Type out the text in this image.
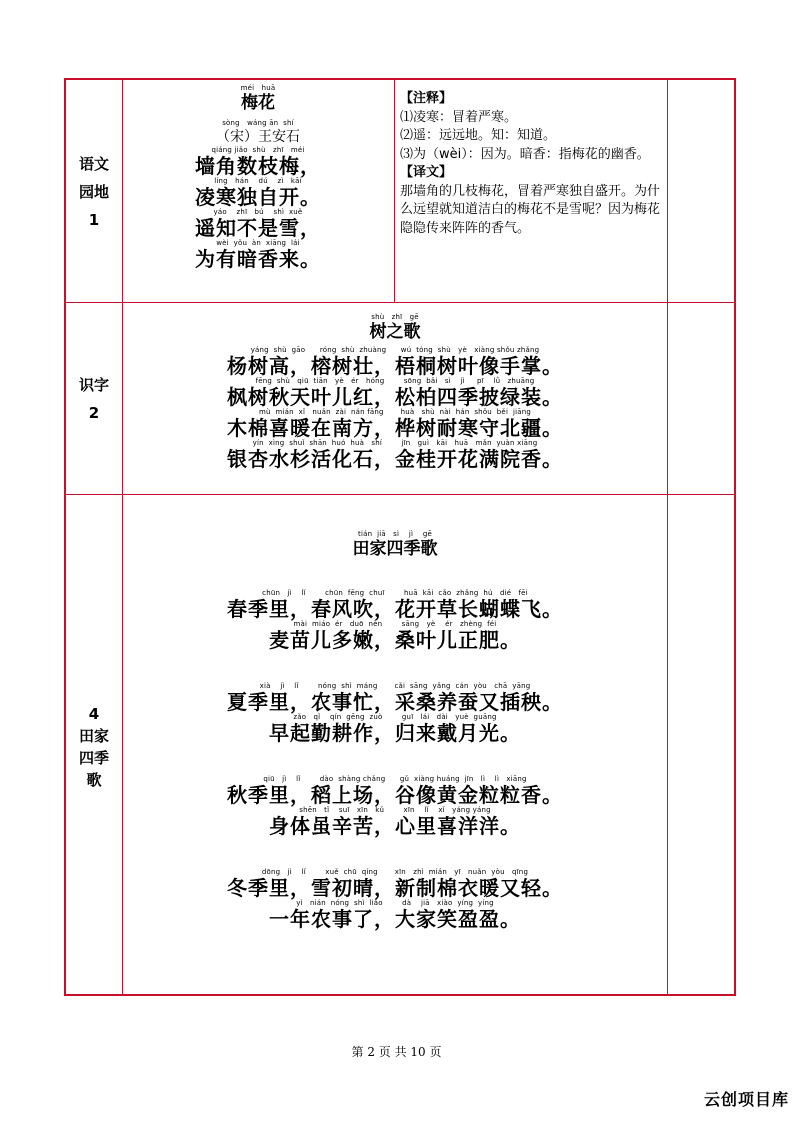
语文
园地
1
méi   huā
梅花
sòng   wáng ān  shí
（宋）王安石
qiáng jiǎo  shù   zhī   méi
墙角数枝梅，
líng   hán    dú    zì   kāi
凌寒独自开。
yáo    zhī   bú    shì  xuě
遥知不是雪，
wèi  yǒu  àn  xiāng  lái
为有暗香来。
【注释】
⑴凌寒：冒着严寒。
⑵遥：远远地。知：知道。
⑶为（wèi）：因为。暗香：指梅花的幽香。
【译文】
那墙角的几枝梅花，冒着严寒独自盛开。为什么远望就知道洁白的梅花不是雪呢？因为梅花隐隐传来阵阵的香气。
识字
2
shù   zhī   gē
树之歌
yáng  shù  gāo      róng  shù  zhuàng      wú  tóng  shù   yè   xiàng shǒu zhǎng
杨树高，榕树壮，梧桐树叶像手掌。
fēng  shù   qiū  tiān   yè   ér   hóng        sōng  bǎi   sì    jì     pī    lǜ   zhuāng
枫树秋天叶儿红，松柏四季披绿装。
mù  mián  xǐ   nuǎn  zài  nán fāng       huà   shù  nài  hán  shǒu  běi  jiāng
木棉喜暖在南方，桦树耐寒守北疆。
yín  xìng  shuǐ  shān  huó  huà   shí        jīn   guì   kāi   huā   mǎn  yuàn xiāng
银杏水杉活化石，金桂开花满院香。
4
田家
四季
歌
tián  jiā   sì    jì    gē
田家四季歌
chūn   jì    lǐ        chūn  fēng  chuī        huā  kāi  cǎo  zhǎng  hú   dié   fēi
春季里，春风吹，花开草长蝴蝶飞。
mài  miáo  ér   duō  nèn        sāng   yè    ér   zhèng  féi
麦苗儿多嫩，桑叶儿正肥。
xià    jì    lǐ        nóng  shì  máng       cǎi  sāng  yǎng  cán  yòu   chā  yāng
夏季里，农事忙，采桑养蚕又插秧。
zǎo   qǐ    qín  gēng  zuò        guī   lái   dài   yuè  guāng
早起勤耕作，归来戴月光。
qiū   jì    lǐ        dào  shàng chǎng      gǔ  xiàng huáng  jīn   lì    lì   xiāng
秋季里，稻上场，谷像黄金粒粒香。
shēn   tǐ    suī   xīn   kǔ        xīn    lǐ    xǐ   yáng yáng
身体虽辛苦，心里喜洋洋。
dōng   jì    lǐ        xuě  chū  qíng       xīn   zhì  mián   yī   nuǎn  yòu   qīng
冬季里，雪初晴，新制棉衣暖又轻。
yì   nián  nóng  shì  liǎo        dà    jiā   xiào  yíng  yíng
一年农事了，大家笑盈盈。
第 2 页 共 10 页
云创项目库
